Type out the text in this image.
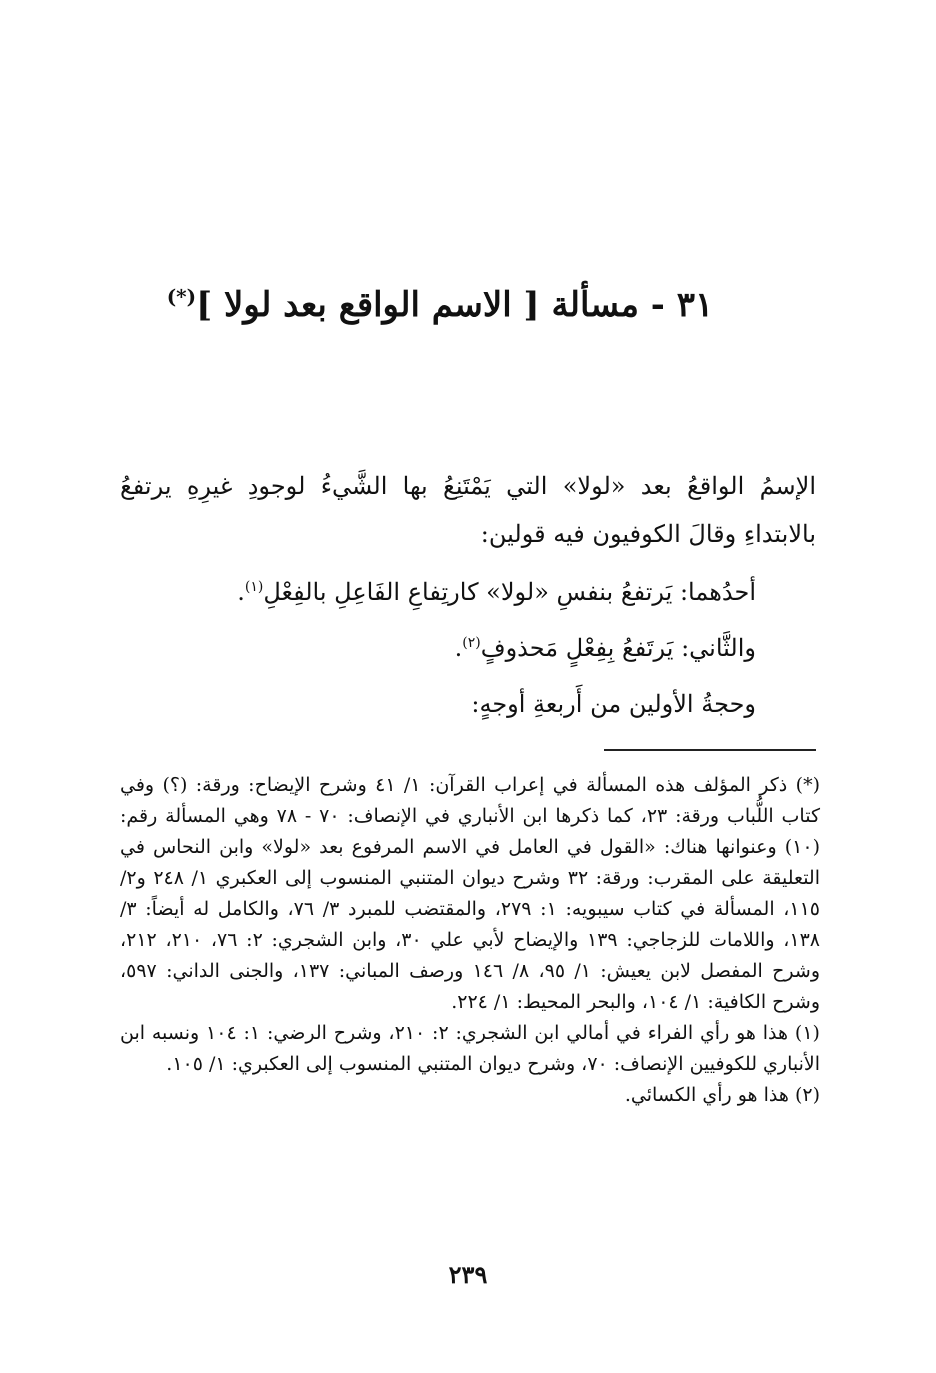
٣١ - مسألة [ الاسم الواقع بعد لولا ](*)

الإسمُ الواقعُ بعد «لولا» التي يَمْتَنِعُ بها الشَّيءُ لوجودِ غيرِهِ يرتفعُ بالابتداءِ وقالَ الكوفيون فيه قولين:

أحدُهما: يَرتفعُ بنفسِ «لولا» كارتِفاعِ الفَاعِلِ بالفِعْلِ$^{(١)}$.
والثَّاني: يَرتَفعُ بِفِعْلٍ مَحذوفٍ$^{(٢)}$.
وحجةُ الأولين من أَربعةِ أوجهٍ:

(*) ذكر المؤلف هذه المسألة في إعراب القرآن: ١/ ٤١ وشرح الإيضاح: ورقة: (؟) وفي كتاب اللُّباب ورقة: ٢٣، كما ذكرها ابن الأنباري في الإنصاف: ٧٠ - ٧٨ وهي المسألة رقم: (١٠) وعنوانها هناك: «القول في العامل في الاسم المرفوع بعد «لولا» وابن النحاس في التعليقة على المقرب: ورقة: ٣٢ وشرح ديوان المتنبي المنسوب إلى العكبري ١/ ٢٤٨ و٢/ ١١٥، المسألة في كتاب سيبويه: ١: ٢٧٩، والمقتضب للمبرد ٣/ ٧٦، والكامل له أيضاً: ٣/ ١٣٨، واللامات للزجاجي: ١٣٩ والإيضاح لأبي علي ٣٠، وابن الشجري: ٢: ٧٦، ٢١٠، ٢١٢، وشرح المفصل لابن يعيش: ١/ ٩٥، ٨/ ١٤٦ ورصف المباني: ١٣٧، والجنى الداني: ٥٩٧، وشرح الكافية: ١/ ١٠٤، والبحر المحيط: ١/ ٢٢٤.

(١) هذا هو رأي الفراء في أمالي ابن الشجري: ٢: ٢١٠، وشرح الرضي: ١: ١٠٤ ونسبه ابن الأنباري للكوفيين الإنصاف: ٧٠، وشرح ديوان المتنبي المنسوب إلى العكبري: ١/ ١٠٥.

(٢) هذا هو رأي الكسائي.

٢٣٩
